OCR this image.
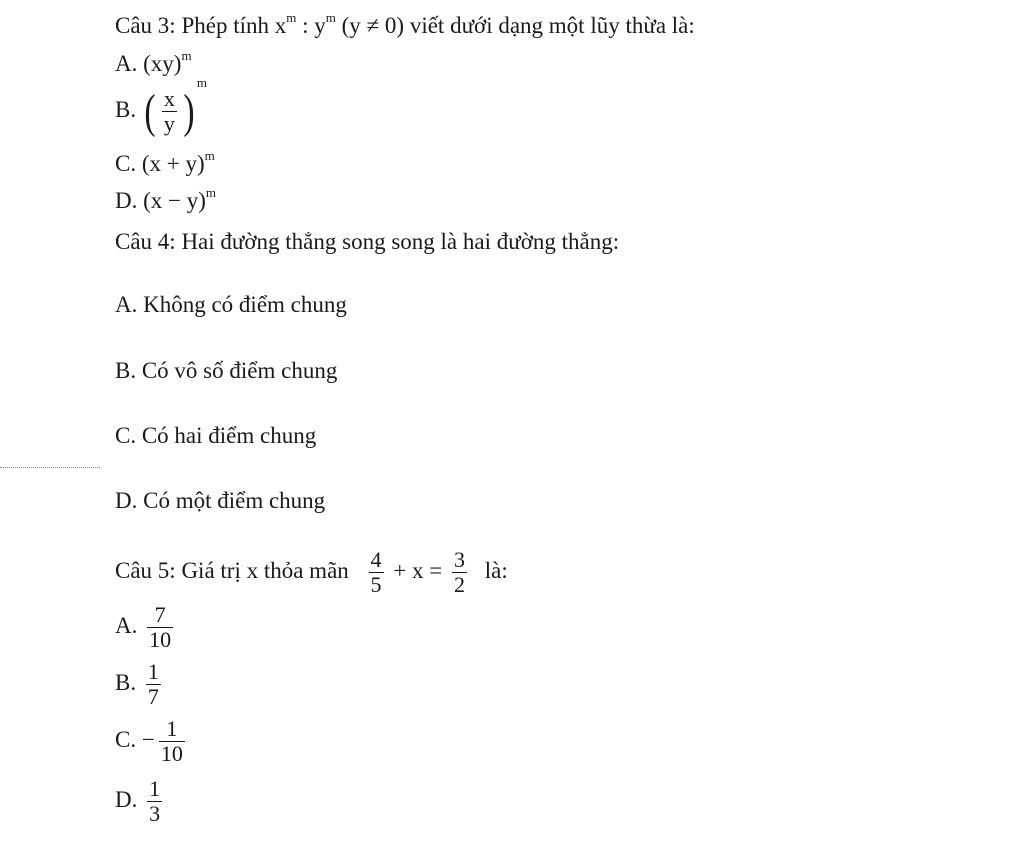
Câu 3: Phép tính $x^m$ : $y^m$ (y ≠ 0) viết dưới dạng một lũy thừa là:
A. (xy)$^m$
B. ( $\frac{x}{y} )^m$
C. $(x + y)^m$
D. $(x - y)^m$
Câu 4: Hai đường thẳng song song là hai đường thẳng:
A. Không có điểm chung
B. Có vô số điểm chung
C. Có hai điểm chung
D. Có một điểm chung
Câu 5: Giá trị x thỏa mãn $\frac{4}{5} + x = \frac{3}{2}$ là:
A. $\frac{7}{10}$
B. $\frac{1}{7}$
C. − $\frac{1}{10}$
D. $\frac{1}{3}$
